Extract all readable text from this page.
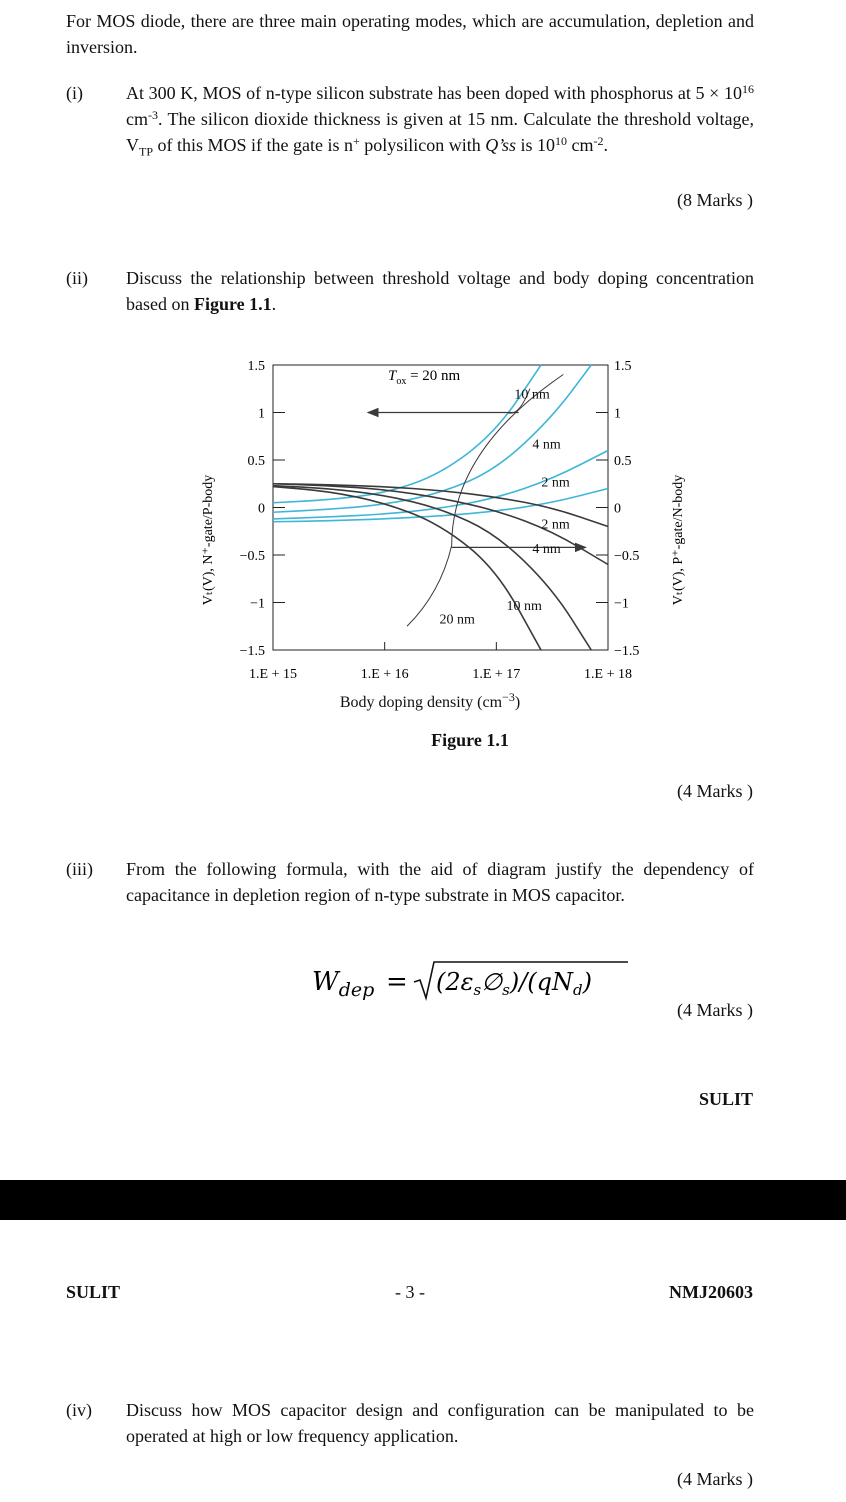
For MOS diode, there are three main operating modes, which are accumulation, depletion and inversion.
(i) At 300 K, MOS of n-type silicon substrate has been doped with phosphorus at $5 \times 10^{16}$ $cm^{-3}$. The silicon dioxide thickness is given at 15 nm. Calculate the threshold voltage, $V_{TP}$ of this MOS if the gate is n+ polysilicon with Q’ss is $10^{10}$ $cm^{-2}$.
(8 Marks )
(ii) Discuss the relationship between threshold voltage and body doping concentration based on Figure 1.1.
10 nm
4 nm
2 nm
2 nm
4 nm
10 nm
20 nm
1.5	1.5
1	1
0.5	0.5
0	0
−0.5	−0.5
−1	−1
−1.5	−1.5
1.E + 15	1.E + 16	1.E + 17	1.E + 18
$T_{ox} = 20$ nm
Vₜ(V), N⁺-gate/P-body	Vₜ(V), P⁺-gate/N-body
Body doping density $(cm^{-3})$
Figure 1.1
(4 Marks )
(iii) From the following formula, with the aid of diagram justify the dependency of capacitance in depletion region of n-type substrate in MOS capacitor.
$W_{dep}$ = $(2\varepsilon_s\emptyset_s)/(qN_d)$
(4 Marks )
SULIT
SULIT	- 3 -	NMJ20603
(iv) Discuss how MOS capacitor design and configuration can be manipulated to be operated at high or low frequency application.
(4 Marks )
